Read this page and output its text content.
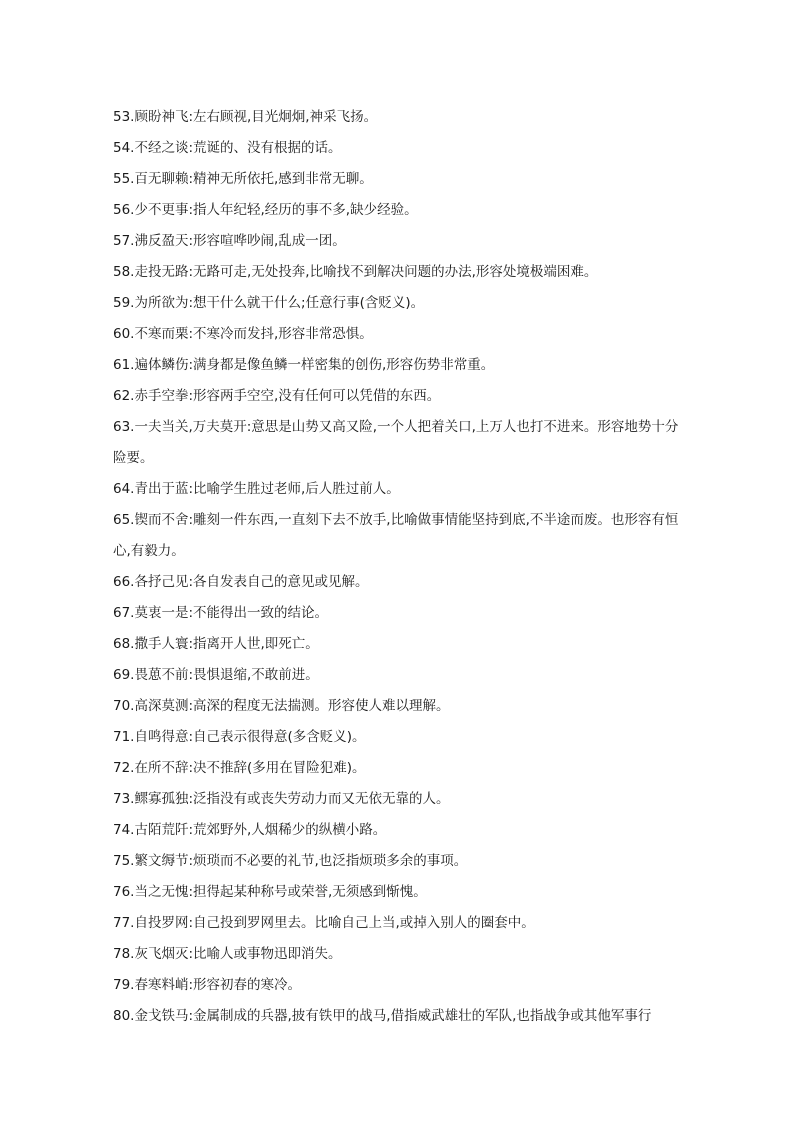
53.顾盼神飞:左右顾视,目光炯炯,神采飞扬。

54.不经之谈:荒诞的、没有根据的话。

55.百无聊赖:精神无所依托,感到非常无聊。

56.少不更事:指人年纪轻,经历的事不多,缺少经验。

57.沸反盈天:形容喧哗吵闹,乱成一团。

58.走投无路:无路可走,无处投奔,比喻找不到解决问题的办法,形容处境极端困难。

59.为所欲为:想干什么就干什么;任意行事(含贬义)。

60.不寒而栗:不寒冷而发抖,形容非常恐惧。

61.遍体鳞伤:满身都是像鱼鳞一样密集的创伤,形容伤势非常重。

62.赤手空拳:形容两手空空,没有任何可以凭借的东西。

63.一夫当关,万夫莫开:意思是山势又高又险,一个人把着关口,上万人也打不进来。形容地势十分险要。

64.青出于蓝:比喻学生胜过老师,后人胜过前人。

65.锲而不舍:雕刻一件东西,一直刻下去不放手,比喻做事情能坚持到底,不半途而废。也形容有恒心,有毅力。

66.各抒己见:各自发表自己的意见或见解。

67.莫衷一是:不能得出一致的结论。

68.撒手人寰:指离开人世,即死亡。

69.畏葸不前:畏惧退缩,不敢前进。

70.高深莫测:高深的程度无法揣测。形容使人难以理解。

71.自鸣得意:自己表示很得意(多含贬义)。

72.在所不辞:决不推辞(多用在冒险犯难)。

73.鳏寡孤独:泛指没有或丧失劳动力而又无依无靠的人。

74.古陌荒阡:荒郊野外,人烟稀少的纵横小路。

75.繁文缛节:烦琐而不必要的礼节,也泛指烦琐多余的事项。

76.当之无愧:担得起某种称号或荣誉,无须感到惭愧。

77.自投罗网:自己投到罗网里去。比喻自己上当,或掉入别人的圈套中。

78.灰飞烟灭:比喻人或事物迅即消失。

79.春寒料峭:形容初春的寒冷。

80.金戈铁马:金属制成的兵器,披有铁甲的战马,借指威武雄壮的军队,也指战争或其他军事行
